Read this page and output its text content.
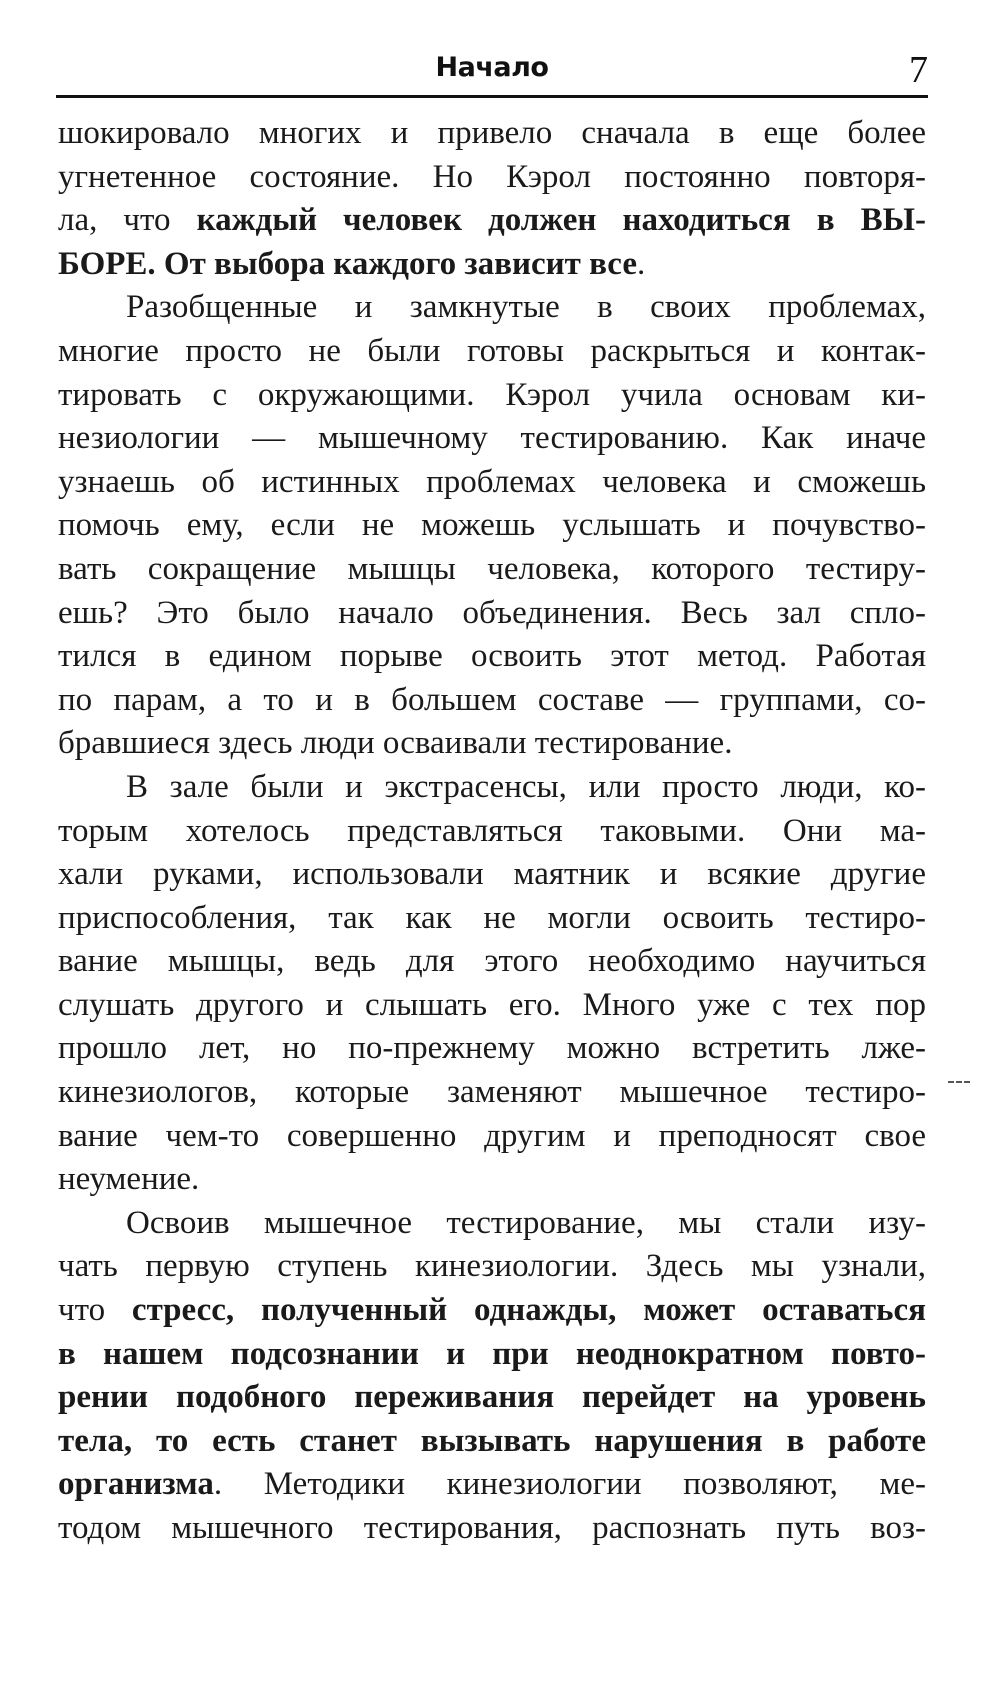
Начало	7
шокировало многих и привело сначала в еще более
угнетенное состояние. Но Кэрол постоянно повторя-
ла, что каждый человек должен находиться в ВЫ-
БОРЕ. От выбора каждого зависит все.
Разобщенные и замкнутые в своих проблемах,
многие просто не были готовы раскрыться и контак-
тировать с окружающими. Кэрол учила основам ки-
незиологии — мышечному тестированию. Как иначе
узнаешь об истинных проблемах человека и сможешь
помочь ему, если не можешь услышать и почувство-
вать сокращение мышцы человека, которого тестиру-
ешь? Это было начало объединения. Весь зал спло-
тился в едином порыве освоить этот метод. Работая
по парам, а то и в большем составе — группами, со-
бравшиеся здесь люди осваивали тестирование.
В зале были и экстрасенсы, или просто люди, ко-
торым хотелось представляться таковыми. Они ма-
хали руками, использовали маятник и всякие другие
приспособления, так как не могли освоить тестиро-
вание мышцы, ведь для этого необходимо научиться
слушать другого и слышать его. Много уже с тех пор
прошло лет, но по-прежнему можно встретить лже-
кинезиологов, которые заменяют мышечное тестиро-
вание чем-то совершенно другим и преподносят свое
неумение.
Освоив мышечное тестирование, мы стали изу-
чать первую ступень кинезиологии. Здесь мы узнали,
что стресс, полученный однажды, может оставаться
в нашем подсознании и при неоднократном повто-
рении подобного переживания перейдет на уровень
тела, то есть станет вызывать нарушения в работе
организма. Методики кинезиологии позволяют, ме-
тодом мышечного тестирования, распознать путь воз-
